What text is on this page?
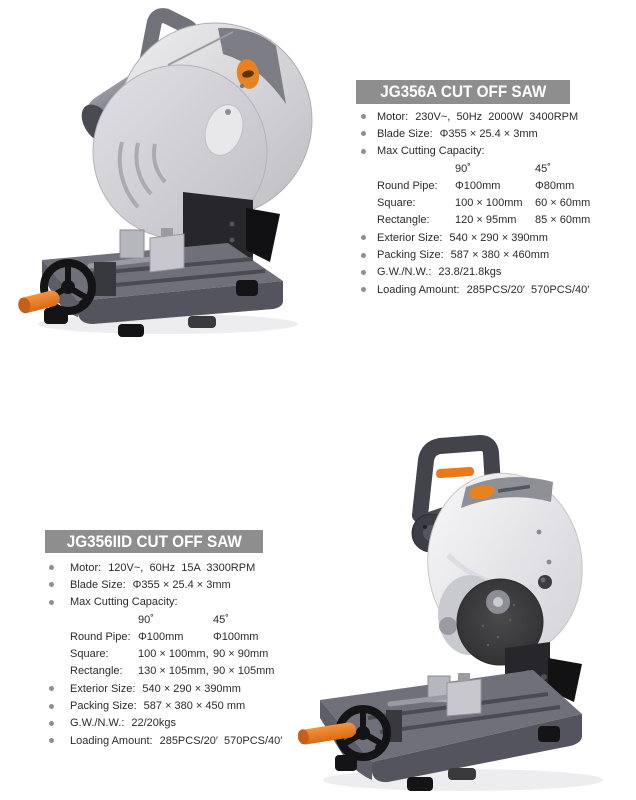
JG356A CUT OFF SAW
Motor: 230V~,  50Hz  2000W  3400RPM
Blade Size: Φ355 × 25.4 × 3mm
Max Cutting Capacity:
90˚	45˚
Round Pipe:	Φ100mm	Φ80mm
Square:	100 × 100mm	60 × 60mm
Rectangle:	120 × 95mm	85 × 60mm
Exterior Size: 540 × 290 × 390mm
Packing Size: 587 × 380 × 460mm
G.W./N.W.: 23.8/21.8kgs
Loading Amount: 285PCS/20′  570PCS/40′
JG356IID CUT OFF SAW
Motor: 120V~,  60Hz  15A  3300RPM
Blade Size: Φ355 × 25.4 × 3mm
Max Cutting Capacity:
90˚	45˚
Round Pipe: Φ100mm	Φ100mm
Square:	100 × 100mm, 90 × 90mm
Rectangle:	130 × 105mm, 90 × 105mm
Exterior Size: 540 × 290 × 390mm
Packing Size: 587 × 380 × 450 mm
G.W./N.W.: 22/20kgs
Loading Amount: 285PCS/20′  570PCS/40′
